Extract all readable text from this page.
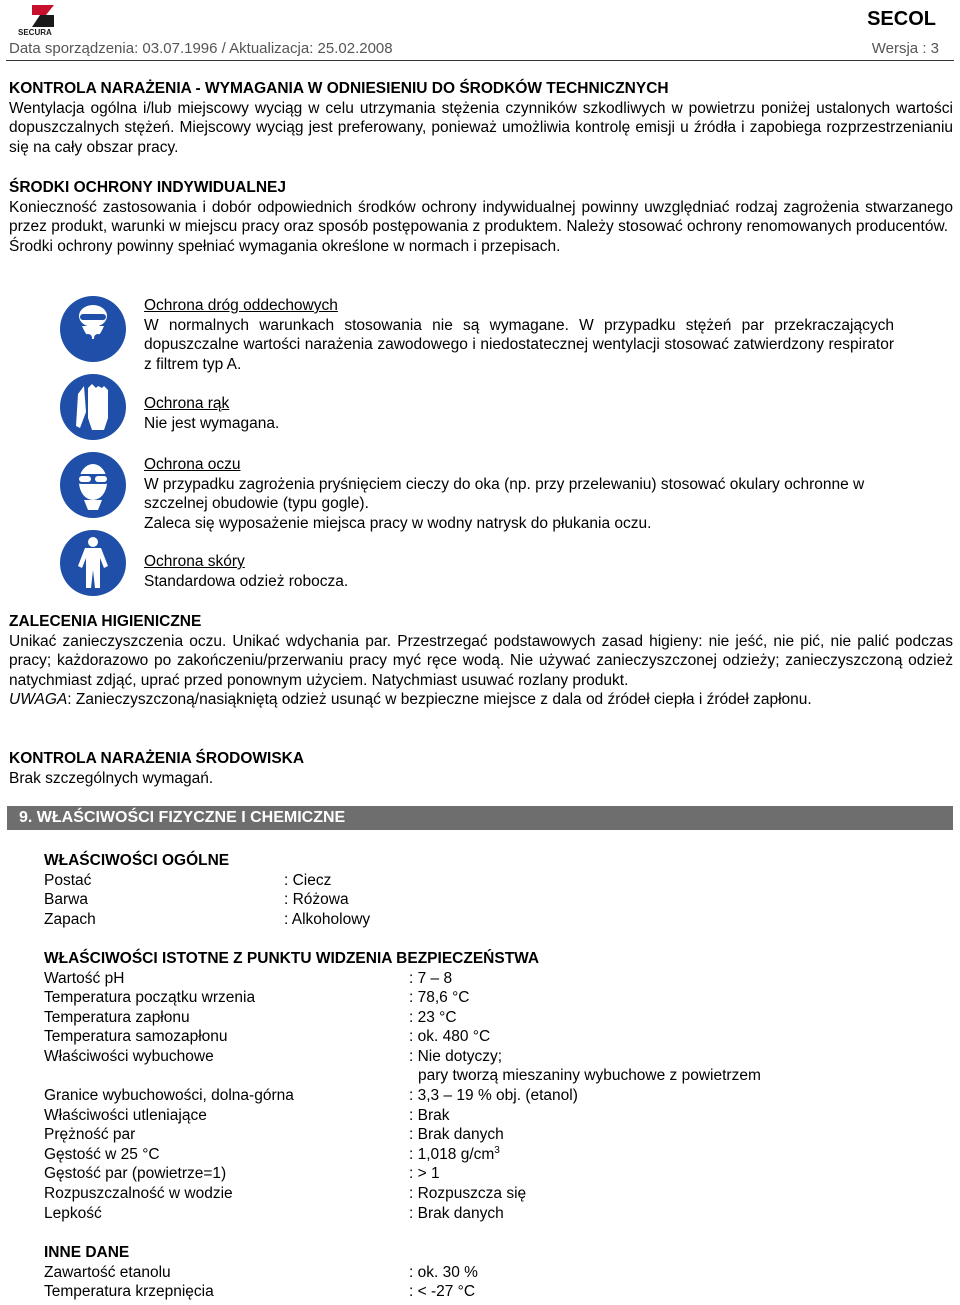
SECURA
SECOL
Data sporządzenia: 03.07.1996 / Aktualizacja: 25.02.2008	Wersja : 3
KONTROLA NARAŻENIA - WYMAGANIA W ODNIESIENIU DO ŚRODKÓW TECHNICZNYCH
Wentylacja ogólna i/lub miejscowy wyciąg w celu utrzymania stężenia czynników szkodliwych w powietrzu poniżej ustalonych wartości dopuszczalnych stężeń. Miejscowy wyciąg jest preferowany, ponieważ umożliwia kontrolę emisji u źródła i zapobiega rozprzestrzenianiu się na cały obszar pracy.
ŚRODKI OCHRONY INDYWIDUALNEJ
Konieczność zastosowania i dobór odpowiednich środków ochrony indywidualnej powinny uwzględniać rodzaj zagrożenia stwarzanego przez produkt, warunki w miejscu pracy oraz sposób postępowania z produktem. Należy stosować ochrony renomowanych producentów.
Środki ochrony powinny spełniać wymagania określone w normach i przepisach.
Ochrona dróg oddechowych
W normalnych warunkach stosowania nie są wymagane. W przypadku stężeń par przekraczających dopuszczalne wartości narażenia zawodowego i niedostatecznej wentylacji stosować zatwierdzony respirator z filtrem typ A.
Ochrona rąk
Nie jest wymagana.
Ochrona oczu
W przypadku zagrożenia pryśnięciem cieczy do oka (np. przy przelewaniu) stosować okulary ochronne w szczelnej obudowie (typu gogle).
Zaleca się wyposażenie miejsca pracy w wodny natrysk do płukania oczu.
Ochrona skóry
Standardowa odzież robocza.
ZALECENIA HIGIENICZNE
Unikać zanieczyszczenia oczu. Unikać wdychania par. Przestrzegać podstawowych zasad higieny: nie jeść, nie pić, nie palić podczas pracy; każdorazowo po zakończeniu/przerwaniu pracy myć ręce wodą. Nie używać zanieczyszczonej odzieży; zanieczyszczoną odzież natychmiast zdjąć, uprać przed ponownym użyciem. Natychmiast usuwać rozlany produkt.
UWAGA: Zanieczyszczoną/nasiąkniętą odzież usunąć w bezpieczne miejsce z dala od źródeł ciepła i źródeł zapłonu.
KONTROLA NARAŻENIA ŚRODOWISKA
Brak szczególnych wymagań.
9. WŁAŚCIWOŚCI FIZYCZNE I CHEMICZNE
WŁAŚCIWOŚCI OGÓLNE
Postać	: Ciecz
Barwa	: Różowa
Zapach	: Alkoholowy
WŁAŚCIWOŚCI ISTOTNE Z PUNKTU WIDZENIA BEZPIECZEŃSTWA
Wartość pH	: 7 – 8
Temperatura początku wrzenia	: 78,6 °C
Temperatura zapłonu	: 23 °C
Temperatura samozapłonu	: ok. 480 °C
Właściwości wybuchowe	: Nie dotyczy;
pary tworzą mieszaniny wybuchowe z powietrzem
Granice wybuchowości, dolna-górna	: 3,3 – 19 % obj. (etanol)
Właściwości utleniające	: Brak
Prężność par	: Brak danych
Gęstość w 25 °C	: 1,018 $g/cm^3$
Gęstość par (powietrze=1)	: > 1
Rozpuszczalność w wodzie	: Rozpuszcza się
Lepkość	: Brak danych
INNE DANE
Zawartość etanolu	: ok. 30 %
Temperatura krzepnięcia	: < -27 °C
